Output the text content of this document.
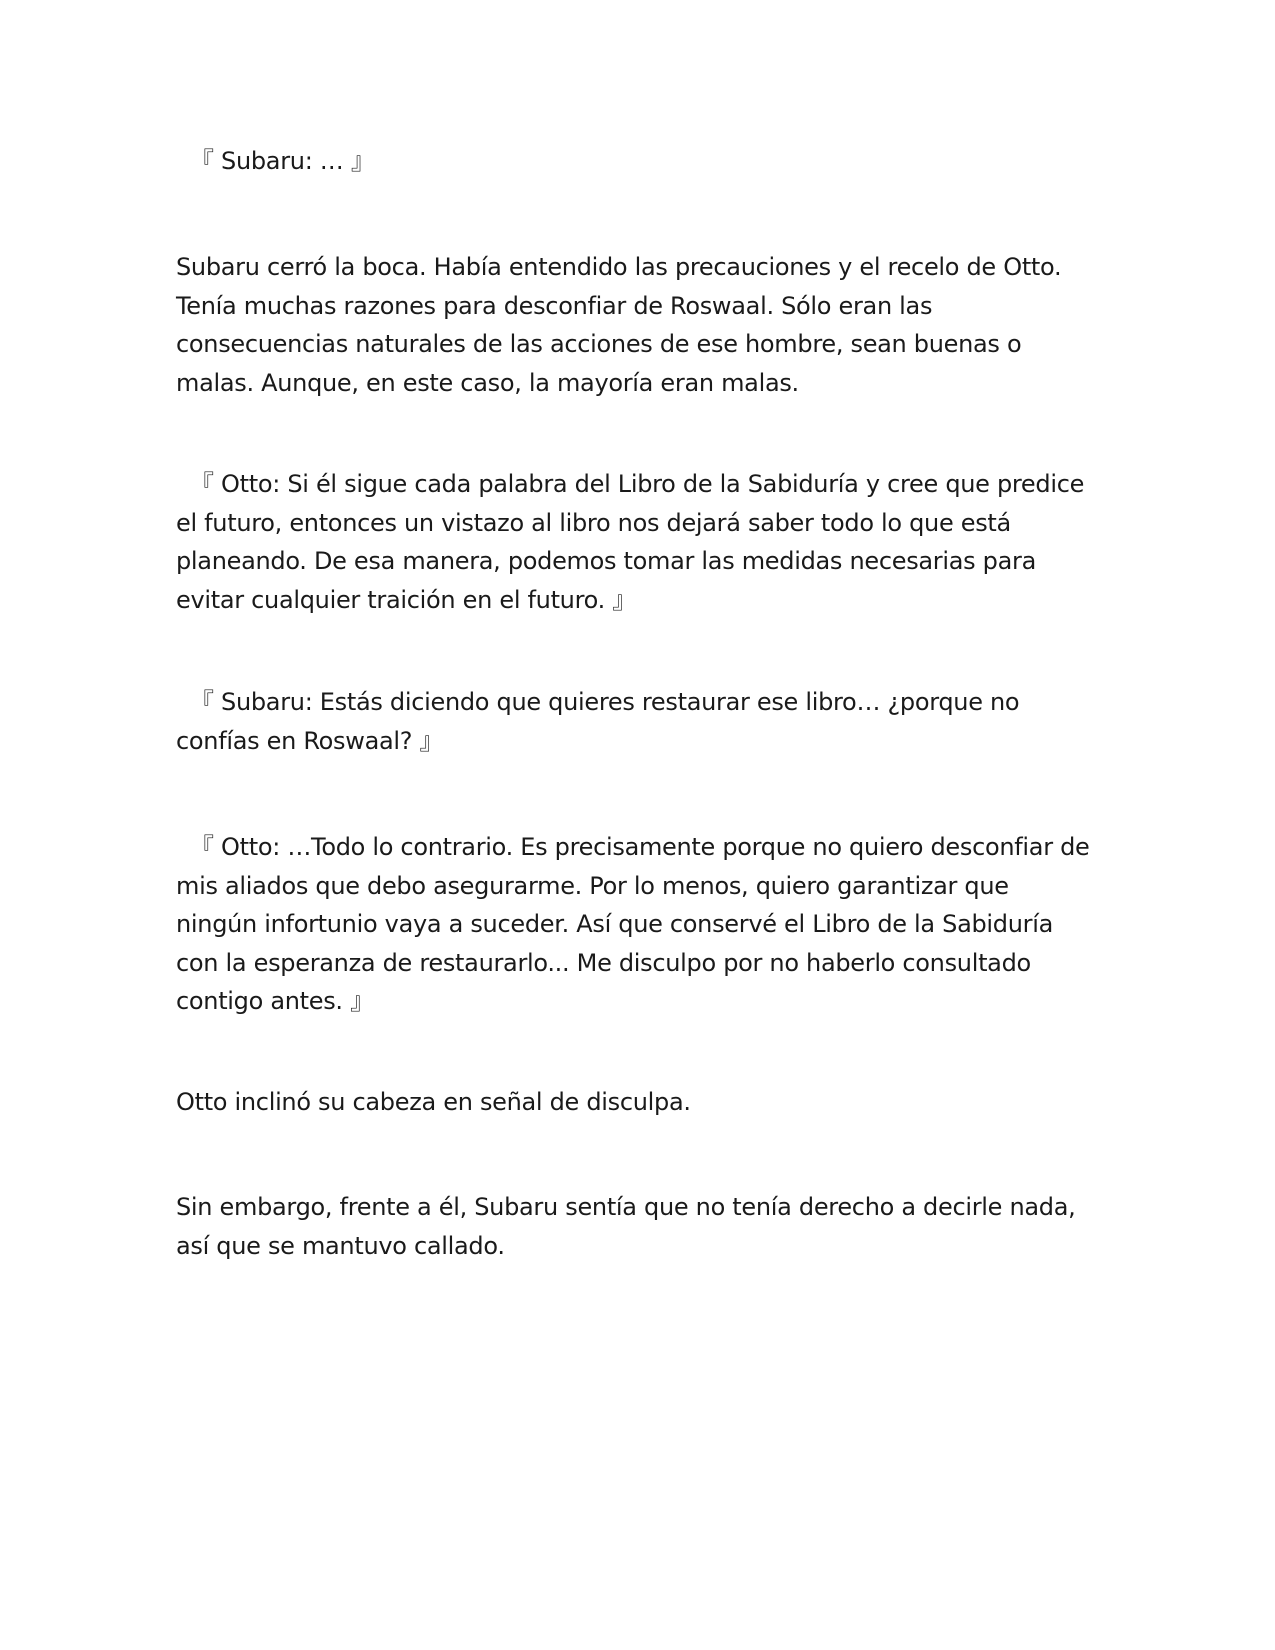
『 Subaru: … 』

Subaru cerró la boca. Había entendido las precauciones y el recelo de Otto.
Tenía muchas razones para desconfiar de Roswaal. Sólo eran las
consecuencias naturales de las acciones de ese hombre, sean buenas o
malas. Aunque, en este caso, la mayoría eran malas.

『 Otto: Si él sigue cada palabra del Libro de la Sabiduría y cree que predice
el futuro, entonces un vistazo al libro nos dejará saber todo lo que está
planeando. De esa manera, podemos tomar las medidas necesarias para
evitar cualquier traición en el futuro. 』

『 Subaru: Estás diciendo que quieres restaurar ese libro… ¿porque no
confías en Roswaal? 』

『 Otto: …Todo lo contrario. Es precisamente porque no quiero desconfiar de
mis aliados que debo asegurarme. Por lo menos, quiero garantizar que
ningún infortunio vaya a suceder. Así que conservé el Libro de la Sabiduría
con la esperanza de restaurarlo... Me disculpo por no haberlo consultado
contigo antes. 』

Otto inclinó su cabeza en señal de disculpa.

Sin embargo, frente a él, Subaru sentía que no tenía derecho a decirle nada,
así que se mantuvo callado.
